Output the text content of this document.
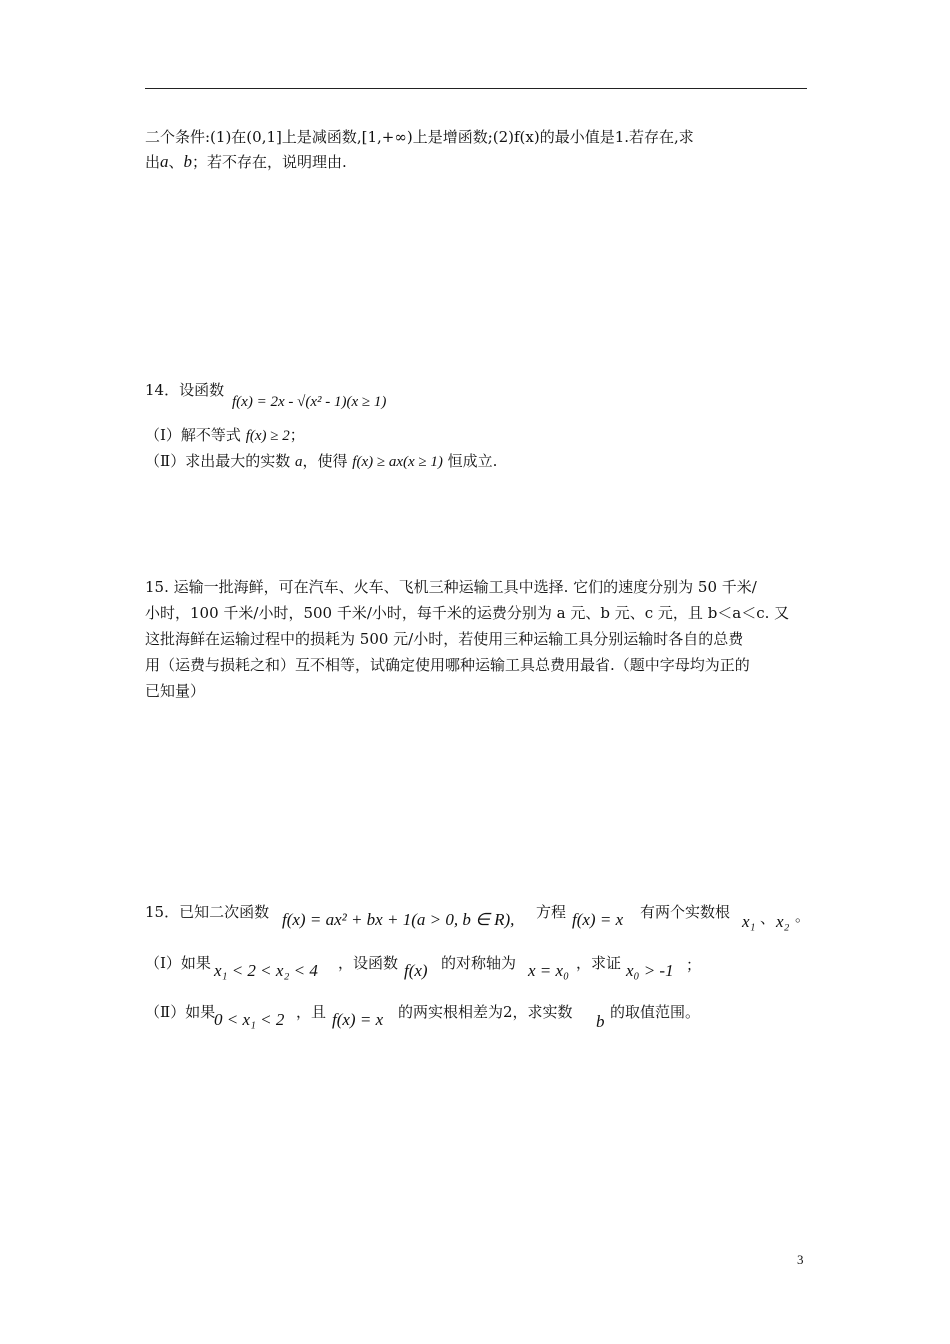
二个条件:(1)在(0,1]上是减函数,[1,+∞)上是增函数;(2)f(x)的最小值是1.若存在,求
出a、b；若不存在，说明理由.
14．设函数
f(x) = 2x - √(x² - 1)(x ≥ 1)
（Ⅰ）解不等式 f(x) ≥ 2；
（Ⅱ）求出最大的实数 a，使得 f(x) ≥ ax(x ≥ 1) 恒成立.
15. 运输一批海鲜，可在汽车、火车、飞机三种运输工具中选择. 它们的速度分别为 50 千米/
小时，100 千米/小时，500 千米/小时，每千米的运费分别为 a 元、b 元、c 元，且 b＜a＜c. 又
这批海鲜在运输过程中的损耗为 500 元/小时，若使用三种运输工具分别运输时各自的总费
用（运费与损耗之和）互不相等，试确定使用哪种运输工具总费用最省.（题中字母均为正的
已知量）
15．已知二次函数 f(x) = ax² + bx + 1(a > 0, b ∈ R), 方程 f(x) = x 有两个实数根 x₁ 、 x₂ 。
（Ⅰ）如果 x₁ < 2 < x₂ < 4 ，设函数 f(x) 的对称轴为 x = x₀ ，求证 x₀ > -1 ；
（Ⅱ）如果
0 < x₁ < 2 ，且 f(x) = x 的两实根相差为2，求实数 b 的取值范围。
3
